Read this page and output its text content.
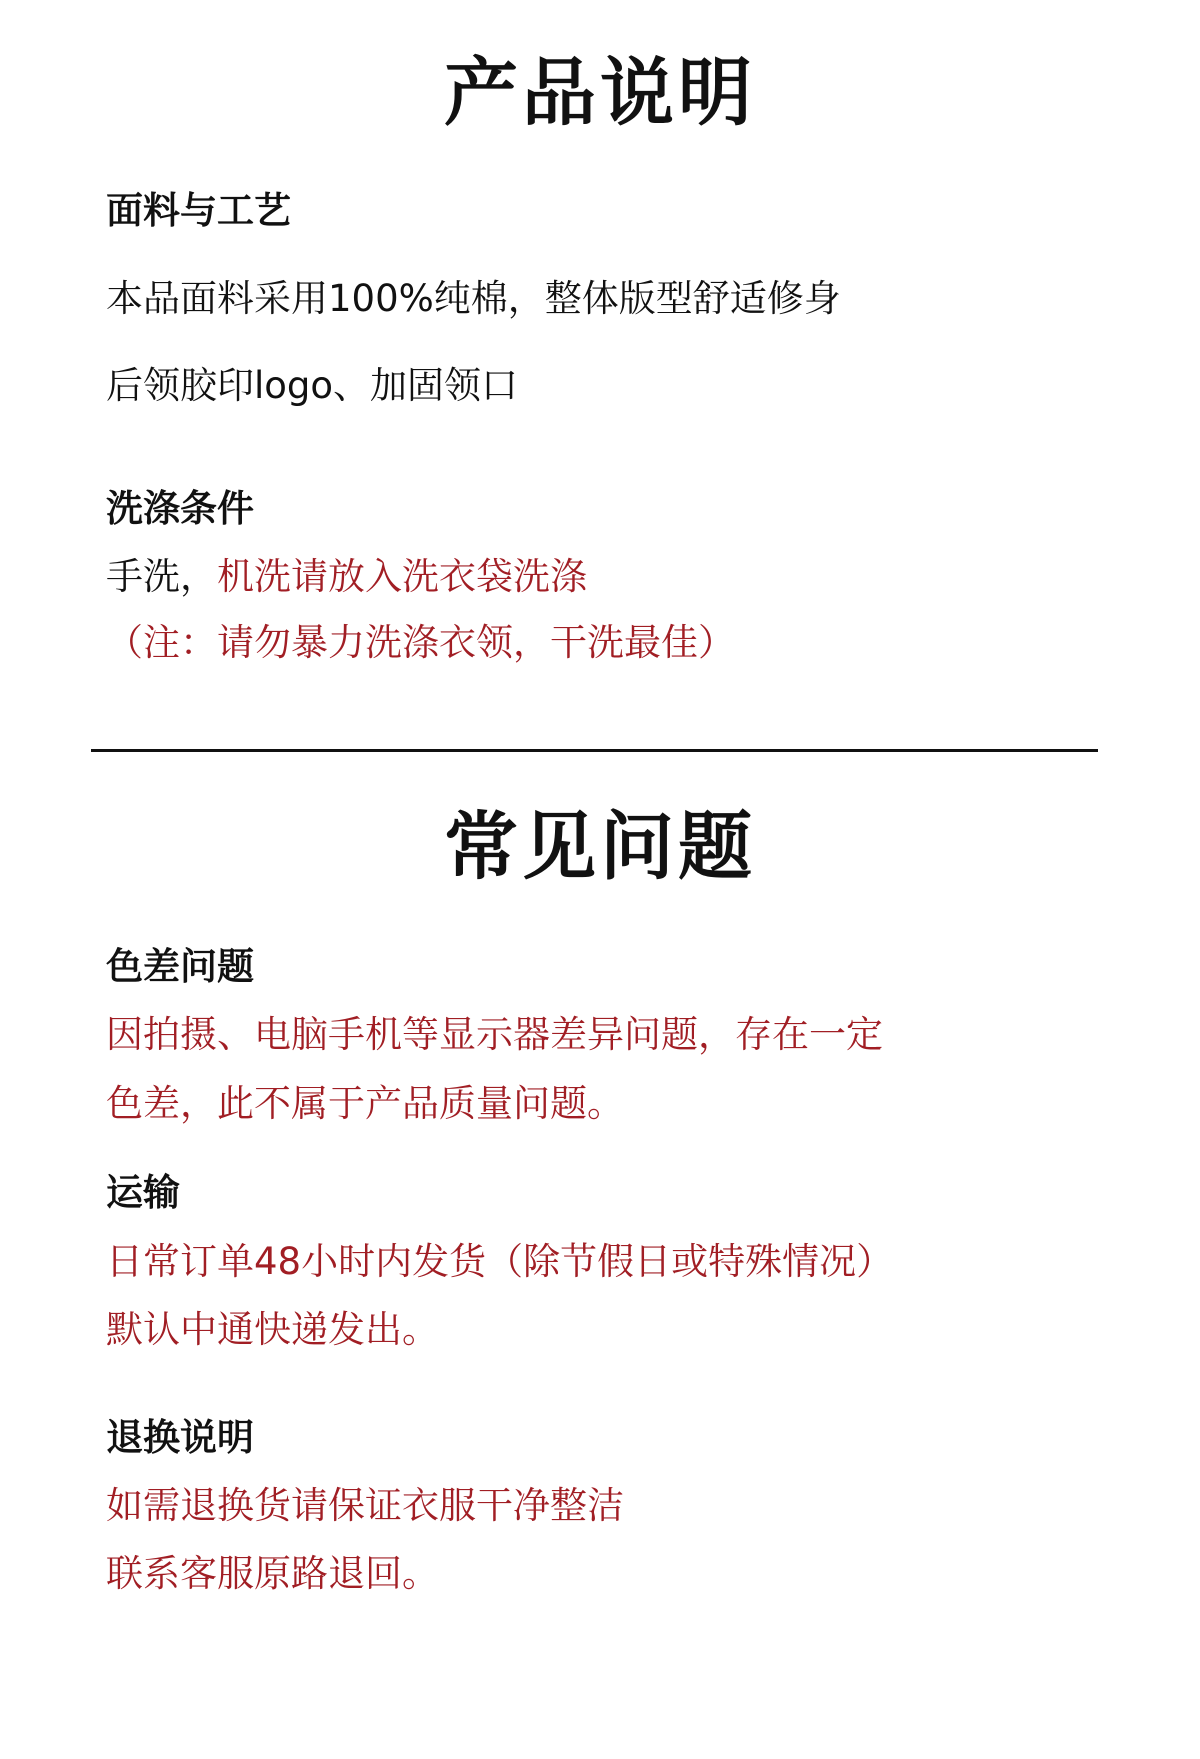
产品说明
面料与工艺
本品面料采用100%纯棉，整体版型舒适修身
后领胶印logo、加固领口
洗涤条件
手洗，机洗请放入洗衣袋洗涤
（注：请勿暴力洗涤衣领，干洗最佳）
常见问题
色差问题
因拍摄、电脑手机等显示器差异问题，存在一定
色差，此不属于产品质量问题。
运输
日常订单48小时内发货（除节假日或特殊情况）
默认中通快递发出。
退换说明
如需退换货请保证衣服干净整洁
联系客服原路退回。
